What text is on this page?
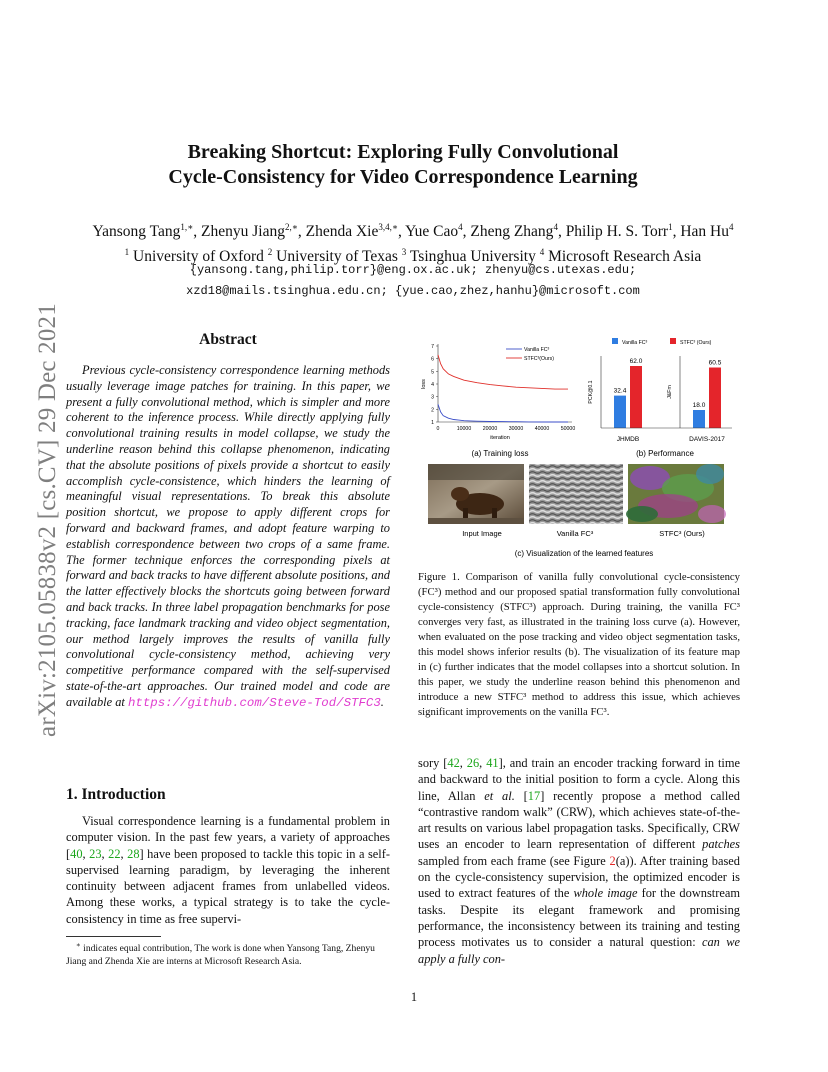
arXiv:2105.05838v2 [cs.CV] 29 Dec 2021
Breaking Shortcut: Exploring Fully Convolutional
Cycle-Consistency for Video Correspondence Learning
Yansong Tang$^{1,∗}$, Zhenyu Jiang$^{2,∗}$, Zhenda Xie$^{3,4,∗}$, Yue Cao$^4$, Zheng Zhang$^4$, Philip H. S. Torr$^1$, Han Hu$^4$
$^1$ University of Oxford $^2$ University of Texas $^3$ Tsinghua University $^4$ Microsoft Research Asia
{yansong.tang,philip.torr}@eng.ox.ac.uk; zhenyu@cs.utexas.edu;
xzd18@mails.tsinghua.edu.cn; {yue.cao,zhez,hanhu}@microsoft.com
Abstract

Previous cycle-consistency correspondence learning methods usually leverage image patches for training. In this paper, we present a fully convolutional method, which is simpler and more coherent to the inference process. While directly applying fully convolutional training results in model collapse, we study the underline reason behind this collapse phenomenon, indicating that the absolute positions of pixels provide a shortcut to easily accomplish cycle-consistence, which hinders the learning of meaningful visual representations. To break this absolute position shortcut, we propose to apply different crops for forward and backward frames, and adopt feature warping to establish correspondence between two crops of a same frame. The former technique enforces the corresponding pixels at forward and back tracks to have different absolute positions, and the latter effectively blocks the shortcuts going between forward and back tracks. In three label propagation benchmarks for pose tracking, face landmark tracking and video object segmentation, our method largely improves the results of vanilla fully convolutional cycle-consistency method, achieving very competitive performance compared with the self-supervised state-of-the-art approaches. Our trained model and code are available at https://github.com/Steve-Tod/STFC3.

1. Introduction

Visual correspondence learning is a fundamental problem in computer vision. In the past few years, a variety of approaches [40, 23, 22, 28] have been proposed to tackle this topic in a self-supervised learning paradigm, by leveraging the inherent continuity between adjacent frames from unlabelled videos. Among these works, a typical strategy is to take the cycle-consistency in time as free supervi-

∗ indicates equal contribution, The work is done when Yansong Tang, Zhenyu Jiang and Zhenda Xie are interns at Microsoft Research Asia.

1
1
2
3
4
5
6
7
0	10000 20000 30000 40000 50000
loss
iteration
Vanilla FC³
STFC³(Ours)
(a) Training loss
Vanilla FC³	STFC³ (Ours)
32.4
62.0
JHMDB
18.0
60.5
DAVIS-2017
PCK@0.1	J&Fm
(b) Performance
Input Image	Vanilla FC³	STFC³ (Ours)
(c) Visualization of the learned features

Figure 1. Comparison of vanilla fully convolutional cycle-consistency (FC³) method and our proposed spatial transformation fully convolutional cycle-consistency (STFC³) approach. During training, the vanilla FC³ converges very fast, as illustrated in the training loss curve (a). However, when evaluated on the pose tracking and video object segmentation tasks, this model shows inferior results (b). The visualization of its feature map in (c) further indicates that the model collapses into a shortcut solution. In this paper, we study the underline reason behind this phenomenon and introduce a new STFC³ method to address this issue, which achieves significant improvements on the vanilla FC³.

sory [42, 26, 41], and train an encoder tracking forward in time and backward to the initial position to form a cycle. Along this line, Allan et al. [17] recently propose a method called “contrastive random walk” (CRW), which achieves state-of-the-art results on various label propagation tasks. Specifically, CRW uses an encoder to learn representation of different patches sampled from each frame (see Figure 2(a)). After training based on the cycle-consistency supervision, the optimized encoder is used to extract features of the whole image for the downstream tasks. Despite its elegant framework and promising performance, the inconsistency between its training and testing process motivates us to consider a natural question: can we apply a fully con-
